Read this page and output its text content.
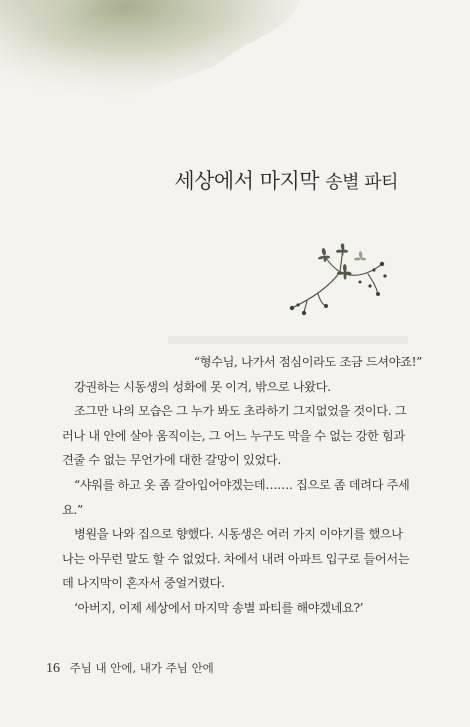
세상에서 마지막 송별 파티

“형수님, 나가서 점심이라도 조금 드셔야죠!”

강권하는 시동생의 성화에 못 이겨, 밖으로 나왔다.

조그만 나의 모습은 그 누가 봐도 초라하기 그지없었을 것이다. 그

러나 내 안에 살아 움직이는, 그 어느 누구도 막을 수 없는 강한 힘과

견줄 수 없는 무언가에 대한 갈망이 있었다.

“샤워를 하고 옷 좀 갈아입어야겠는데……. 집으로 좀 데려다 주세

요.”

병원을 나와 집으로 향했다. 시동생은 여러 가지 이야기를 했으나

나는 아무런 말도 할 수 없었다. 차에서 내려 아파트 입구로 들어서는

데 나지막이 혼자서 중얼거렸다.

‘아버지, 이제 세상에서 마지막 송별 파티를 해야겠네요?’

16 주님 내 안에, 내가 주님 안에
